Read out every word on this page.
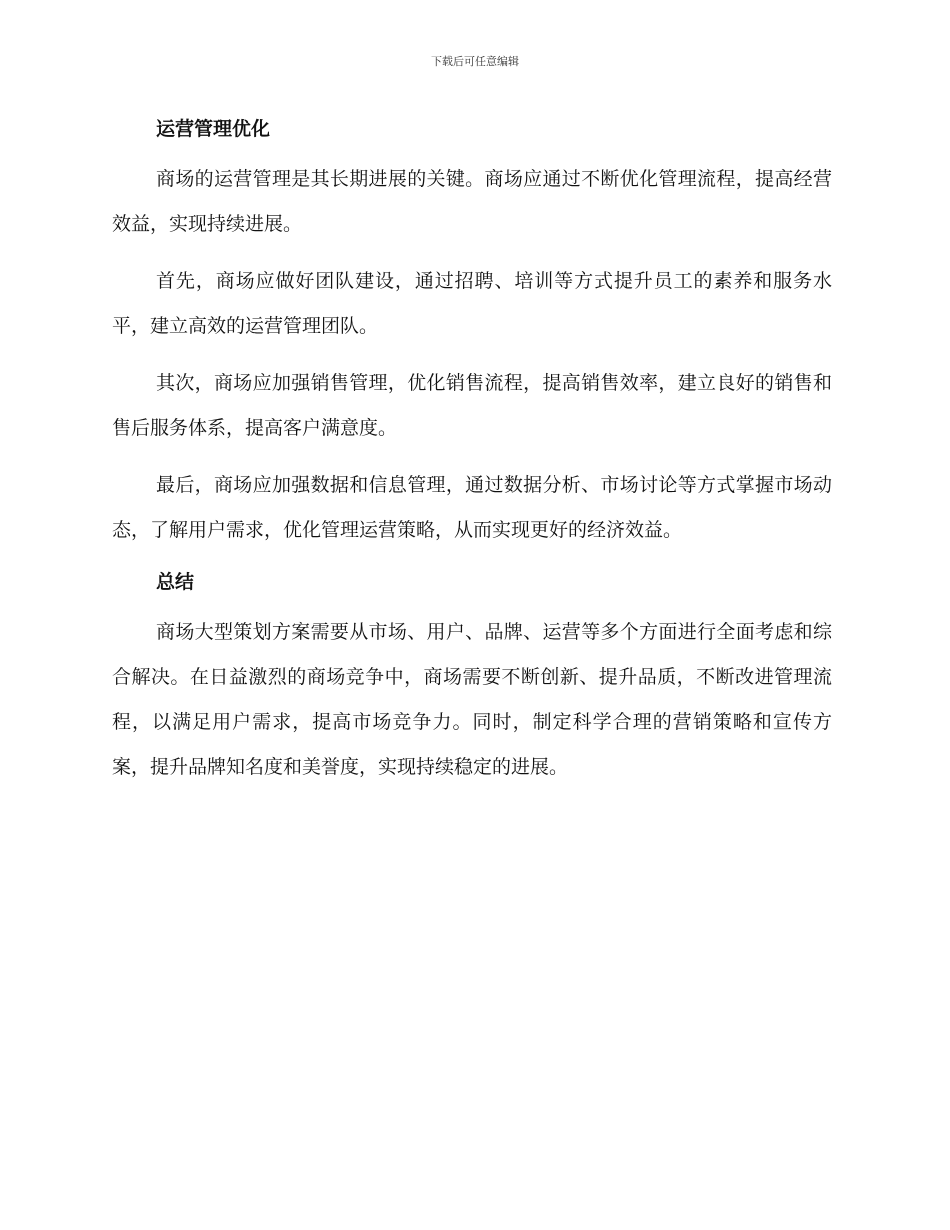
下载后可任意编辑
运营管理优化

商场的运营管理是其长期进展的关键。商场应通过不断优化管理流程，提高经营效益，实现持续进展。

首先，商场应做好团队建设，通过招聘、培训等方式提升员工的素养和服务水平，建立高效的运营管理团队。

其次，商场应加强销售管理，优化销售流程，提高销售效率，建立良好的销售和售后服务体系，提高客户满意度。

最后，商场应加强数据和信息管理，通过数据分析、市场讨论等方式掌握市场动态，了解用户需求，优化管理运营策略，从而实现更好的经济效益。

总结

商场大型策划方案需要从市场、用户、品牌、运营等多个方面进行全面考虑和综合解决。在日益激烈的商场竞争中，商场需要不断创新、提升品质，不断改进管理流程，以满足用户需求，提高市场竞争力。同时，制定科学合理的营销策略和宣传方案，提升品牌知名度和美誉度，实现持续稳定的进展。
